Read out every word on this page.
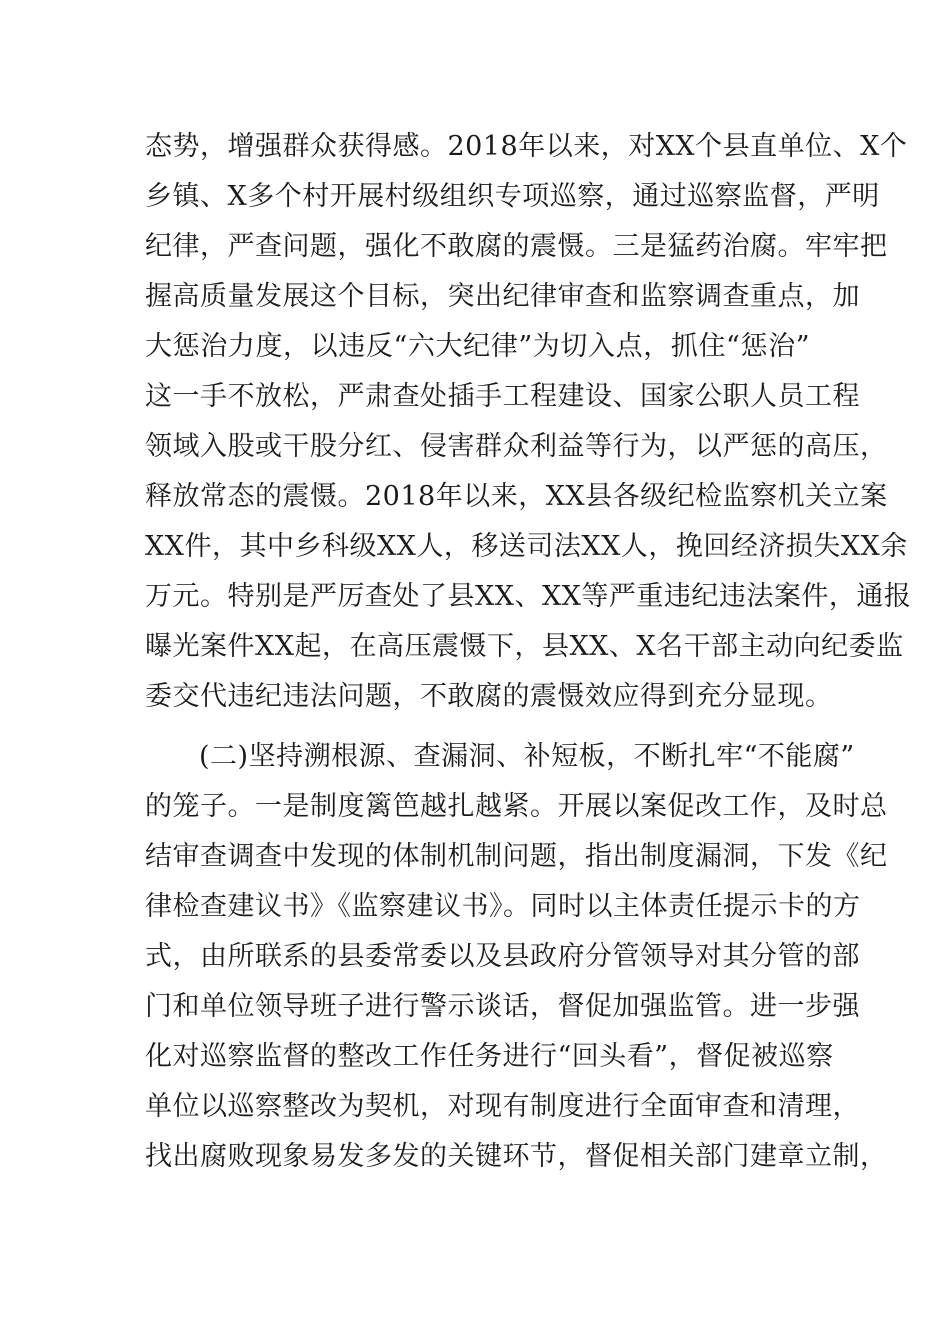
态势，增强群众获得感。2018年以来，对XX个县直单位、X个
乡镇、X多个村开展村级组织专项巡察，通过巡察监督，严明
纪律，严查问题，强化不敢腐的震慑。三是猛药治腐。牢牢把
握高质量发展这个目标，突出纪律审查和监察调查重点，加
大惩治力度，以违反“六大纪律”为切入点，抓住“惩治”
这一手不放松，严肃查处插手工程建设、国家公职人员工程
领域入股或干股分红、侵害群众利益等行为，以严惩的高压，
释放常态的震慑。2018年以来，XX县各级纪检监察机关立案
XX件，其中乡科级XX人，移送司法XX人，挽回经济损失XX余
万元。特别是严厉查处了县XX、XX等严重违纪违法案件，通报
曝光案件XX起，在高压震慑下，县XX、X名干部主动向纪委监
委交代违纪违法问题，不敢腐的震慑效应得到充分显现。
(二)坚持溯根源、查漏洞、补短板，不断扎牢“不能腐”
的笼子。一是制度篱笆越扎越紧。开展以案促改工作，及时总
结审查调查中发现的体制机制问题，指出制度漏洞，下发《纪
律检查建议书》《监察建议书》。同时以主体责任提示卡的方
式，由所联系的县委常委以及县政府分管领导对其分管的部
门和单位领导班子进行警示谈话，督促加强监管。进一步强
化对巡察监督的整改工作任务进行“回头看”，督促被巡察
单位以巡察整改为契机，对现有制度进行全面审查和清理，
找出腐败现象易发多发的关键环节，督促相关部门建章立制，
